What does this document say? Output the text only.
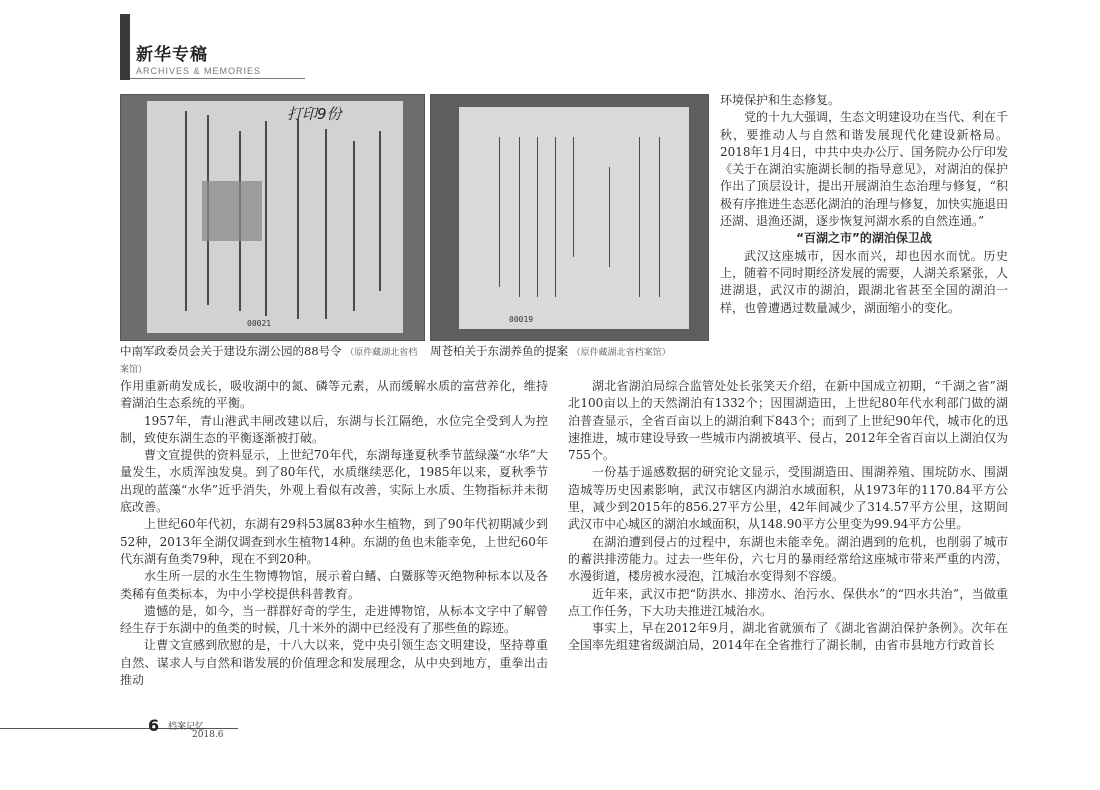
新华专稿
ARCHIVES & MEMORIES
打印9份
00021	00019
中南军政委员会关于建设东湖公园的88号令 （原件藏湖北省档案馆）
周苍柏关于东湖养鱼的提案 （原件藏湖北省档案馆）

环境保护和生态修复。

党的十九大强调，生态文明建设功在当代、利在千秋，要推动人与自然和谐发展现代化建设新格局。2018年1月4日，中共中央办公厅、国务院办公厅印发《关于在湖泊实施湖长制的指导意见》，对湖泊的保护作出了顶层设计，提出开展湖泊生态治理与修复，“积极有序推进生态恶化湖泊的治理与修复，加快实施退田还湖、退渔还湖，逐步恢复河湖水系的自然连通。”

“百湖之市”的湖泊保卫战

武汉这座城市，因水而兴，却也因水而忧。历史上，随着不同时期经济发展的需要，人湖关系紧张，人进湖退，武汉市的湖泊，跟湖北省甚至全国的湖泊一样，也曾遭遇过数量减少，湖面缩小的变化。

作用重新萌发成长，吸收湖中的氮、磷等元素，从而缓解水质的富营养化，维持着湖泊生态系统的平衡。

1957年，青山港武丰闸改建以后，东湖与长江隔绝，水位完全受到人为控制，致使东湖生态的平衡逐渐被打破。

曹文宣提供的资料显示，上世纪70年代，东湖每逢夏秋季节蓝绿藻“水华”大量发生，水质浑浊发臭。到了80年代，水质继续恶化，1985年以来，夏秋季节出现的蓝藻“水华”近乎消失，外观上看似有改善，实际上水质、生物指标并未彻底改善。

上世纪60年代初，东湖有29科53属83种水生植物，到了90年代初期减少到52种，2013年全湖仅调查到水生植物14种。东湖的鱼也未能幸免，上世纪60年代东湖有鱼类79种，现在不到20种。

水生所一层的水生生物博物馆，展示着白鳍、白鱀豚等灭绝物种标本以及各类稀有鱼类标本，为中小学校提供科普教育。

遗憾的是，如今，当一群群好奇的学生，走进博物馆，从标本文字中了解曾经生存于东湖中的鱼类的时候，几十米外的湖中已经没有了那些鱼的踪迹。

让曹文宣感到欣慰的是，十八大以来，党中央引领生态文明建设，坚持尊重自然、谋求人与自然和谐发展的价值理念和发展理念，从中央到地方，重拳出击推动

湖北省湖泊局综合监管处处长张笑天介绍，在新中国成立初期，“千湖之省”湖北100亩以上的天然湖泊有1332个；因围湖造田，上世纪80年代水利部门做的湖泊普查显示，全省百亩以上的湖泊剩下843个；而到了上世纪90年代，城市化的迅速推进，城市建设导致一些城市内湖被填平、侵占，2012年全省百亩以上湖泊仅为755个。

一份基于遥感数据的研究论文显示，受围湖造田、围湖养殖、围垸防水、围湖造城等历史因素影响，武汉市辖区内湖泊水域面积，从1973年的1170.84平方公里，减少到2015年的856.27平方公里，42年间减少了314.57平方公里，这期间武汉市中心城区的湖泊水域面积，从148.90平方公里变为99.94平方公里。

在湖泊遭到侵占的过程中，东湖也未能幸免。湖泊遇到的危机，也削弱了城市的蓄洪排涝能力。过去一些年份，六七月的暴雨经常给这座城市带来严重的内涝，水漫街道，楼房被水浸泡，江城治水变得刻不容缓。

近年来，武汉市把“防洪水、排涝水、治污水、保供水”的“四水共治”，当做重点工作任务，下大功夫推进江城治水。

事实上，早在2012年9月，湖北省就颁布了《湖北省湖泊保护条例》。次年在全国率先组建省级湖泊局，2014年在全省推行了湖长制，由省市县地方行政首长

6 档案记忆
2018.6
